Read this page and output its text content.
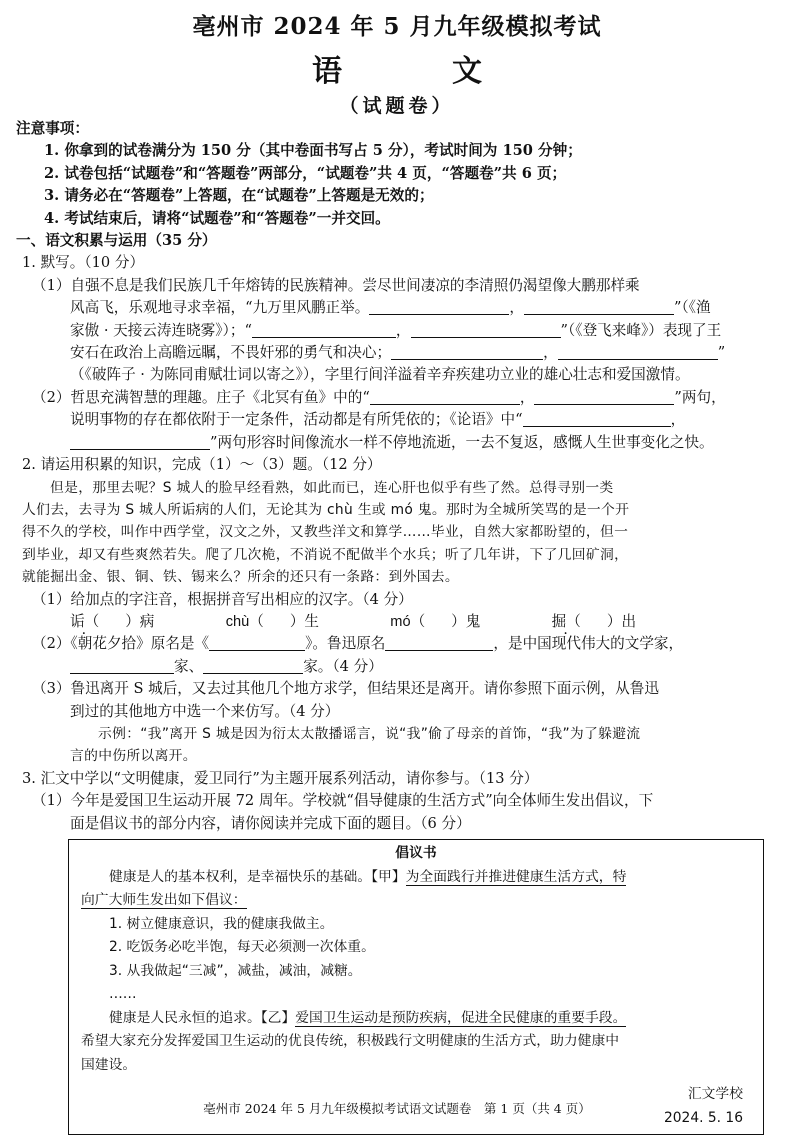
亳州市 2024 年 5 月九年级模拟考试
语　文
（试题卷）
注意事项：
1. 你拿到的试卷满分为 150 分（其中卷面书写占 5 分），考试时间为 150 分钟；
2. 试卷包括“试题卷”和“答题卷”两部分，“试题卷”共 4 页，“答题卷”共 6 页；
3. 请务必在“答题卷”上答题，在“试题卷”上答题是无效的；
4. 考试结束后，请将“试题卷”和“答题卷”一并交回。
一、语文积累与运用（35 分）
1. 默写。（10 分）
（1）自强不息是我们民族几千年熔铸的民族精神。尝尽世间凄凉的李清照仍渴望像大鹏那样乘
风高飞，乐观地寻求幸福，“九万里风鹏正举。	，	”（《渔
家傲 · 天接云涛连晓雾》）；“	，	”（《登飞来峰》）表现了王
安石在政治上高瞻远瞩，不畏奸邪的勇气和决心；	，	”
（《破阵子 · 为陈同甫赋壮词以寄之》），字里行间洋溢着辛弃疾建功立业的雄心壮志和爱国激情。
（2）哲思充满智慧的理趣。庄子《北冥有鱼》中的“	，	”两句，
说明事物的存在都依附于一定条件，活动都是有所凭依的；《论语》中“	，
”两句形容时间像流水一样不停地流逝，一去不复返，感慨人生世事变化之快。
2. 请运用积累的知识，完成（1）～（3）题。（12 分）
但是，那里去呢？S 城人的脸早经看熟，如此而已，连心肝也似乎有些了然。总得寻别一类
人们去，去寻为 S 城人所诟病的人们，无论其为 chù 生或 mó 鬼。那时为全城所笑骂的是一个开
得不久的学校，叫作中西学堂，汉文之外，又教些洋文和算学……毕业，自然大家都盼望的，但一
到毕业，却又有些爽然若失。爬了几次桅，不消说不配做半个水兵；听了几年讲，下了几回矿洞，
就能掘出金、银、铜、铁、锡来么？所余的还只有一条路：到外国去。
（1）给加点的字注音，根据拼音写出相应的汉字。（4 分）
诟（ · ）病	chù（ ）生	mó（ ）鬼	掘（ · ）出
（2）《朝花夕拾》原名是《	》。鲁迅原名	，是中国现代伟大的文学家，
家、	家。（4 分）
（3）鲁迅离开 S 城后，又去过其他几个地方求学，但结果还是离开。请你参照下面示例，从鲁迅
到过的其他地方中选一个来仿写。（4 分）
示例：“我”离开 S 城是因为衍太太散播谣言，说“我”偷了母亲的首饰，“我”为了躲避流
言的中伤所以离开。
3. 汇文中学以“文明健康，爱卫同行”为主题开展系列活动，请你参与。（13 分）
（1）今年是爱国卫生运动开展 72 周年。学校就“倡导健康的生活方式”向全体师生发出倡议，下
面是倡议书的部分内容，请你阅读并完成下面的题目。（6 分）
倡议书
健康是人的基本权利，是幸福快乐的基础。【甲】为全面践行并推进健康生活方式，特
向广大师生发出如下倡议：
1. 树立健康意识，我的健康我做主。
2. 吃饭务必吃半饱，每天必须测一次体重。
3. 从我做起“三减”，减盐，减油，减糖。
……
健康是人民永恒的追求。【乙】爱国卫生运动是预防疾病，促进全民健康的重要手段。
希望大家充分发挥爱国卫生运动的优良传统，积极践行文明健康的生活方式，助力健康中
国建设。
汇文学校
2024. 5. 16
亳州市 2024 年 5 月九年级模拟考试语文试题卷　第 1 页（共 4 页）
